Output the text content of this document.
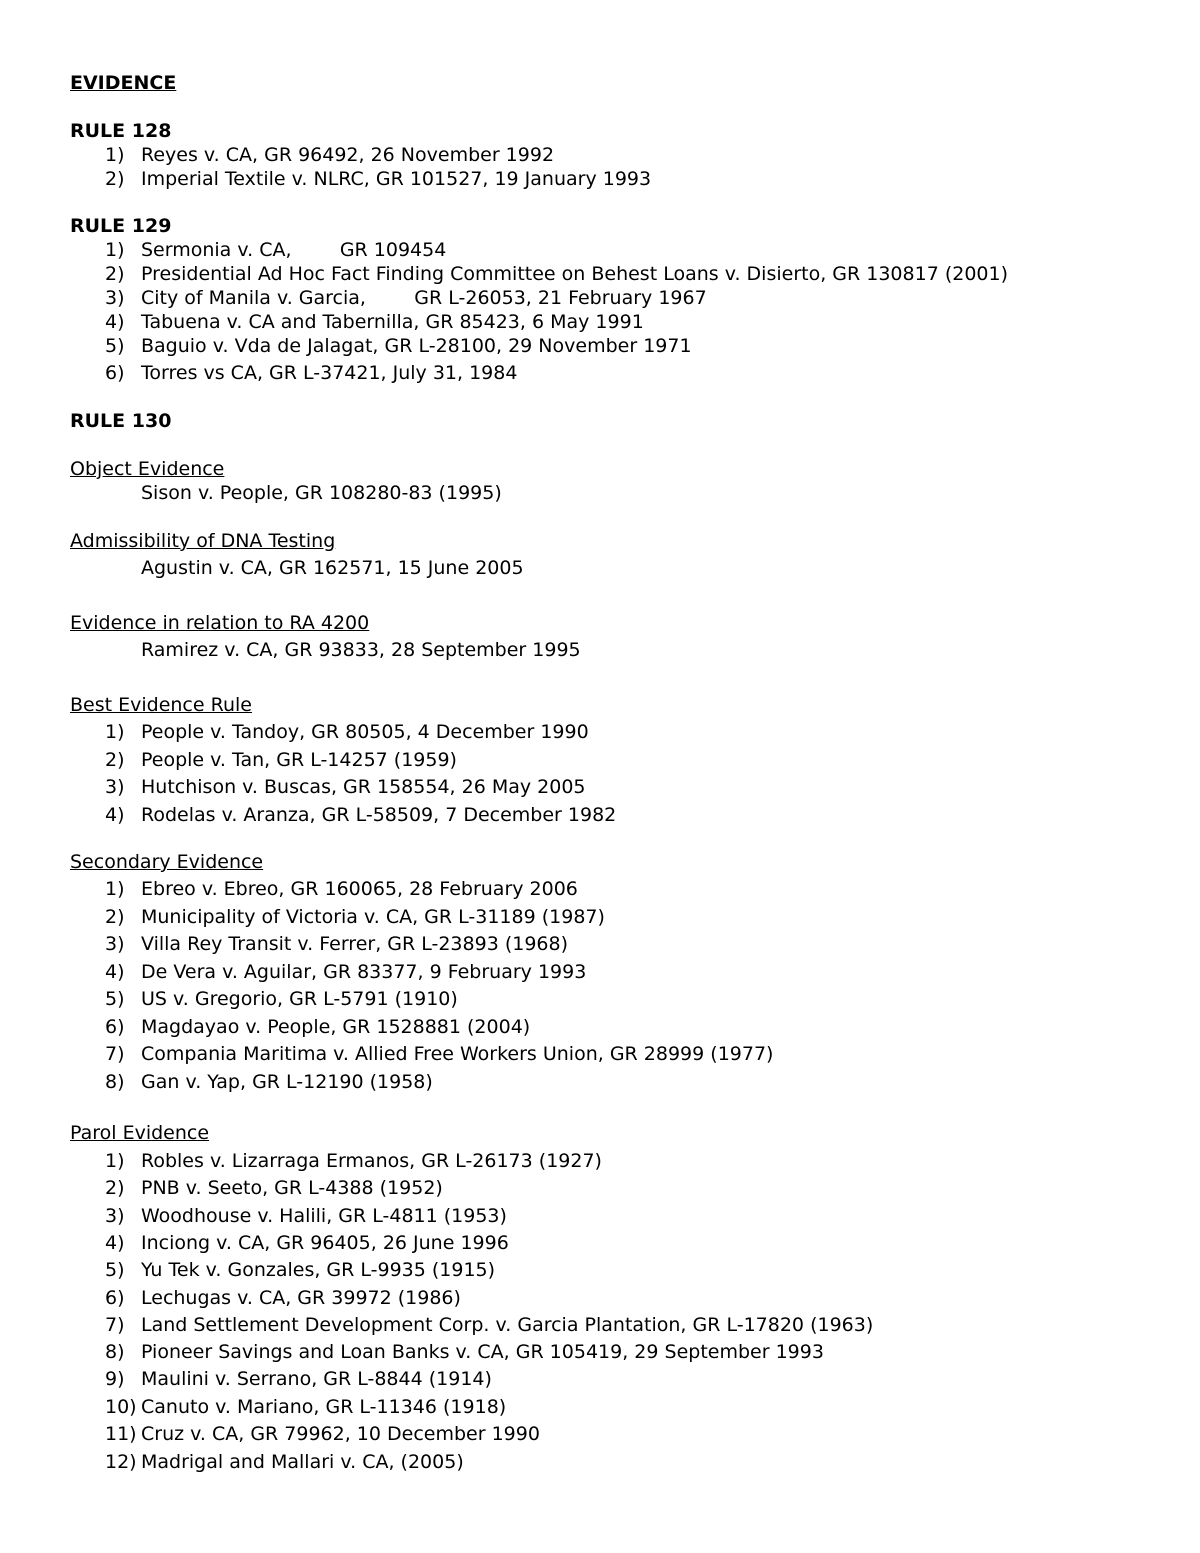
EVIDENCE
RULE 128
1) Reyes v. CA, GR 96492, 26 November 1992
2) Imperial Textile v. NLRC, GR 101527, 19 January 1993
RULE 129
1) Sermonia v. CA,        GR 109454
2) Presidential Ad Hoc Fact Finding Committee on Behest Loans v. Disierto, GR 130817 (2001)
3) City of Manila v. Garcia,        GR L-26053, 21 February 1967
4) Tabuena v. CA and Tabernilla, GR 85423, 6 May 1991
5) Baguio v. Vda de Jalagat, GR L-28100, 29 November 1971
6) Torres vs CA, GR L-37421, July 31, 1984
RULE 130
Object Evidence
Sison v. People, GR 108280-83 (1995)
Admissibility of DNA Testing
Agustin v. CA, GR 162571, 15 June 2005
Evidence in relation to RA 4200
Ramirez v. CA, GR 93833, 28 September 1995
Best Evidence Rule
1) People v. Tandoy, GR 80505, 4 December 1990
2) People v. Tan, GR L-14257 (1959)
3) Hutchison v. Buscas, GR 158554, 26 May 2005
4) Rodelas v. Aranza, GR L-58509, 7 December 1982
Secondary Evidence
1) Ebreo v. Ebreo, GR 160065, 28 February 2006
2) Municipality of Victoria v. CA, GR L-31189 (1987)
3) Villa Rey Transit v. Ferrer, GR L-23893 (1968)
4) De Vera v. Aguilar, GR 83377, 9 February 1993
5) US v. Gregorio, GR L-5791 (1910)
6) Magdayao v. People, GR 1528881 (2004)
7) Compania Maritima v. Allied Free Workers Union, GR 28999 (1977)
8) Gan v. Yap, GR L-12190 (1958)
Parol Evidence
1) Robles v. Lizarraga Ermanos, GR L-26173 (1927)
2) PNB v. Seeto, GR L-4388 (1952)
3) Woodhouse v. Halili, GR L-4811 (1953)
4) Inciong v. CA, GR 96405, 26 June 1996
5) Yu Tek v. Gonzales, GR L-9935 (1915)
6) Lechugas v. CA, GR 39972 (1986)
7) Land Settlement Development Corp. v. Garcia Plantation, GR L-17820 (1963)
8) Pioneer Savings and Loan Banks v. CA, GR 105419, 29 September 1993
9) Maulini v. Serrano, GR L-8844 (1914)
10) Canuto v. Mariano, GR L-11346 (1918)
11) Cruz v. CA, GR 79962, 10 December 1990
12) Madrigal and Mallari v. CA, (2005)
